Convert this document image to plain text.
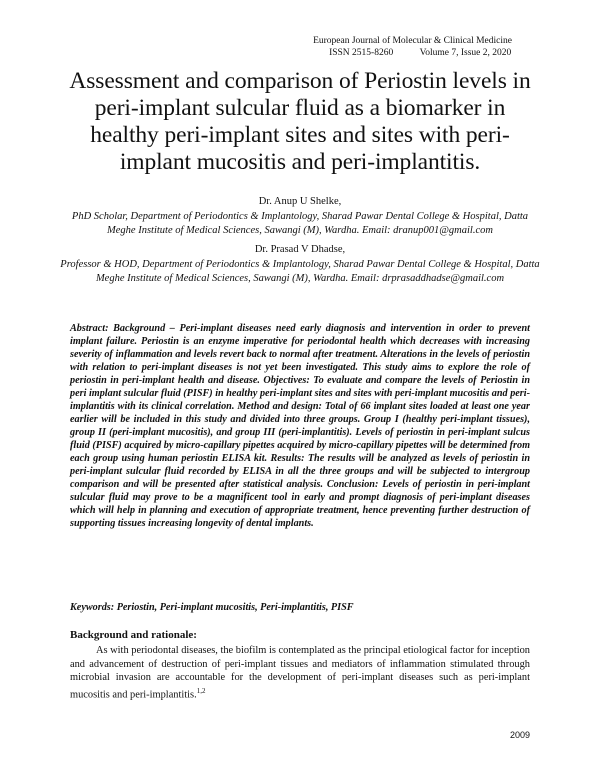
European Journal of Molecular & Clinical Medicine
ISSN 2515-8260	Volume 7, Issue 2, 2020
Assessment and comparison of Periostin levels in peri-implant sulcular fluid as a biomarker in healthy peri-implant sites and sites with peri-implant mucositis and peri-implantitis.
Dr. Anup U Shelke,
PhD Scholar, Department of Periodontics & Implantology, Sharad Pawar Dental College & Hospital, Datta Meghe Institute of Medical Sciences, Sawangi (M), Wardha. Email: dranup001@gmail.com
Dr. Prasad V Dhadse,
Professor & HOD, Department of Periodontics & Implantology, Sharad Pawar Dental College & Hospital, Datta Meghe Institute of Medical Sciences, Sawangi (M), Wardha. Email: drprasaddhadse@gmail.com

Abstract: Background – Peri-implant diseases need early diagnosis and intervention in order to prevent implant failure. Periostin is an enzyme imperative for periodontal health which decreases with increasing severity of inflammation and levels revert back to normal after treatment. Alterations in the levels of periostin with relation to peri-implant diseases is not yet been investigated. This study aims to explore the role of periostin in peri-implant health and disease. Objectives: To evaluate and compare the levels of Periostin in peri implant sulcular fluid (PISF) in healthy peri-implant sites and sites with peri-implant mucositis and peri-implantitis with its clinical correlation. Method and design: Total of 66 implant sites loaded at least one year earlier will be included in this study and divided into three groups. Group I (healthy peri-implant tissues), group II (peri-implant mucositis), and group III (peri-implantitis). Levels of periostin in peri-implant sulcus fluid (PISF) acquired by micro-capillary pipettes acquired by micro-capillary pipettes will be determined from each group using human periostin ELISA kit. Results: The results will be analyzed as levels of periostin in peri-implant sulcular fluid recorded by ELISA in all the three groups and will be subjected to intergroup comparison and will be presented after statistical analysis. Conclusion: Levels of periostin in peri-implant sulcular fluid may prove to be a magnificent tool in early and prompt diagnosis of peri-implant diseases which will help in planning and execution of appropriate treatment, hence preventing further destruction of supporting tissues increasing longevity of dental implants.

Keywords: Periostin, Peri-implant mucositis, Peri-implantitis, PISF

Background and rationale:

As with periodontal diseases, the biofilm is contemplated as the principal etiological factor for inception and advancement of destruction of peri-implant tissues and mediators of inflammation stimulated through microbial invasion are accountable for the development of peri-implant diseases such as peri-implant mucositis and peri-implantitis.$^{1,2}$

2009
